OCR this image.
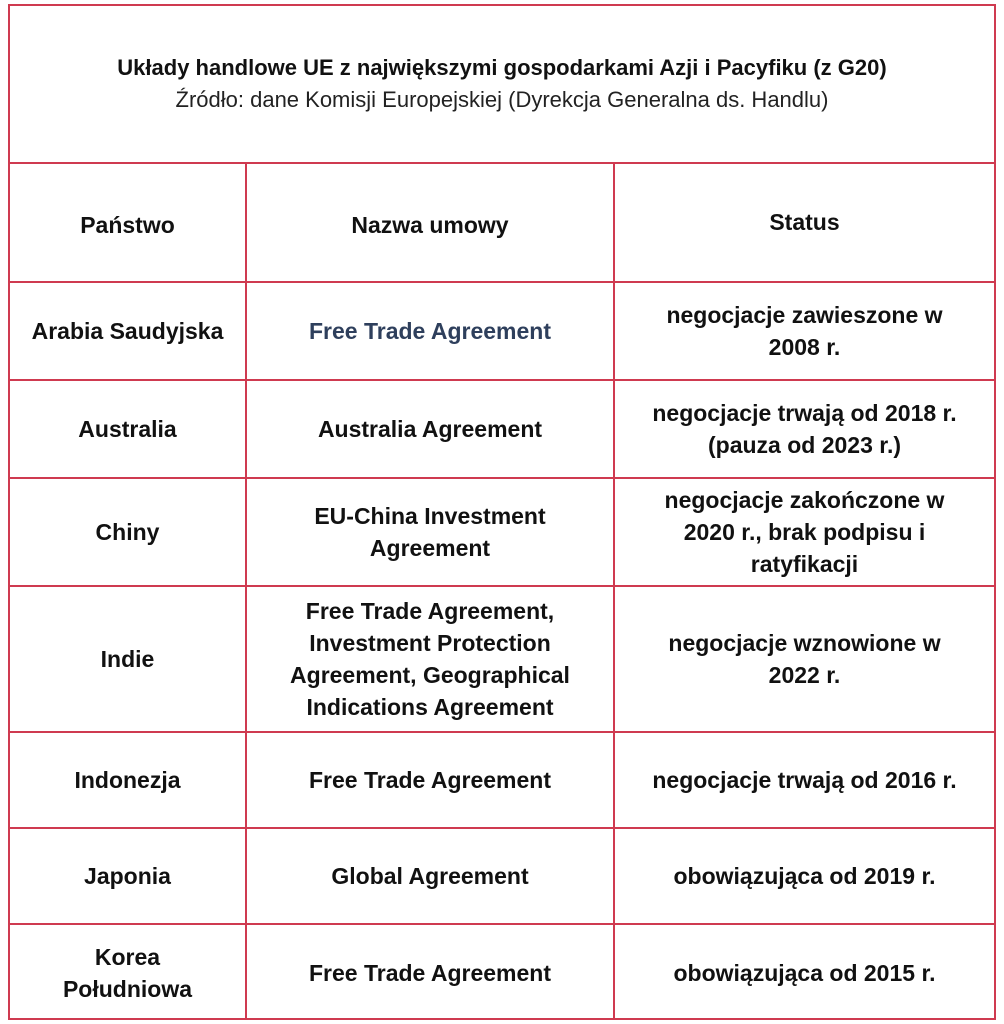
Układy handlowe UE z największymi gospodarkami Azji i Pacyfiku (z G20)
Źródło: dane Komisji Europejskiej (Dyrekcja Generalna ds. Handlu)
Państwo	Nazwa umowy	Status
Arabia Saudyjska	Free Trade Agreement	negocjacje zawieszone w 2008 r.
Australia	Australia Agreement	negocjacje trwają od 2018 r. (pauza od 2023 r.)
Chiny	EU-China Investment Agreement	negocjacje zakończone w 2020 r., brak podpisu i ratyfikacji
Indie	Free Trade Agreement, Investment Protection Agreement, Geographical Indications Agreement	negocjacje wznowione w 2022 r.
Indonezja	Free Trade Agreement	negocjacje trwają od 2016 r.
Japonia	Global Agreement	obowiązująca od 2019 r.
Korea Południowa	Free Trade Agreement	obowiązująca od 2015 r.
